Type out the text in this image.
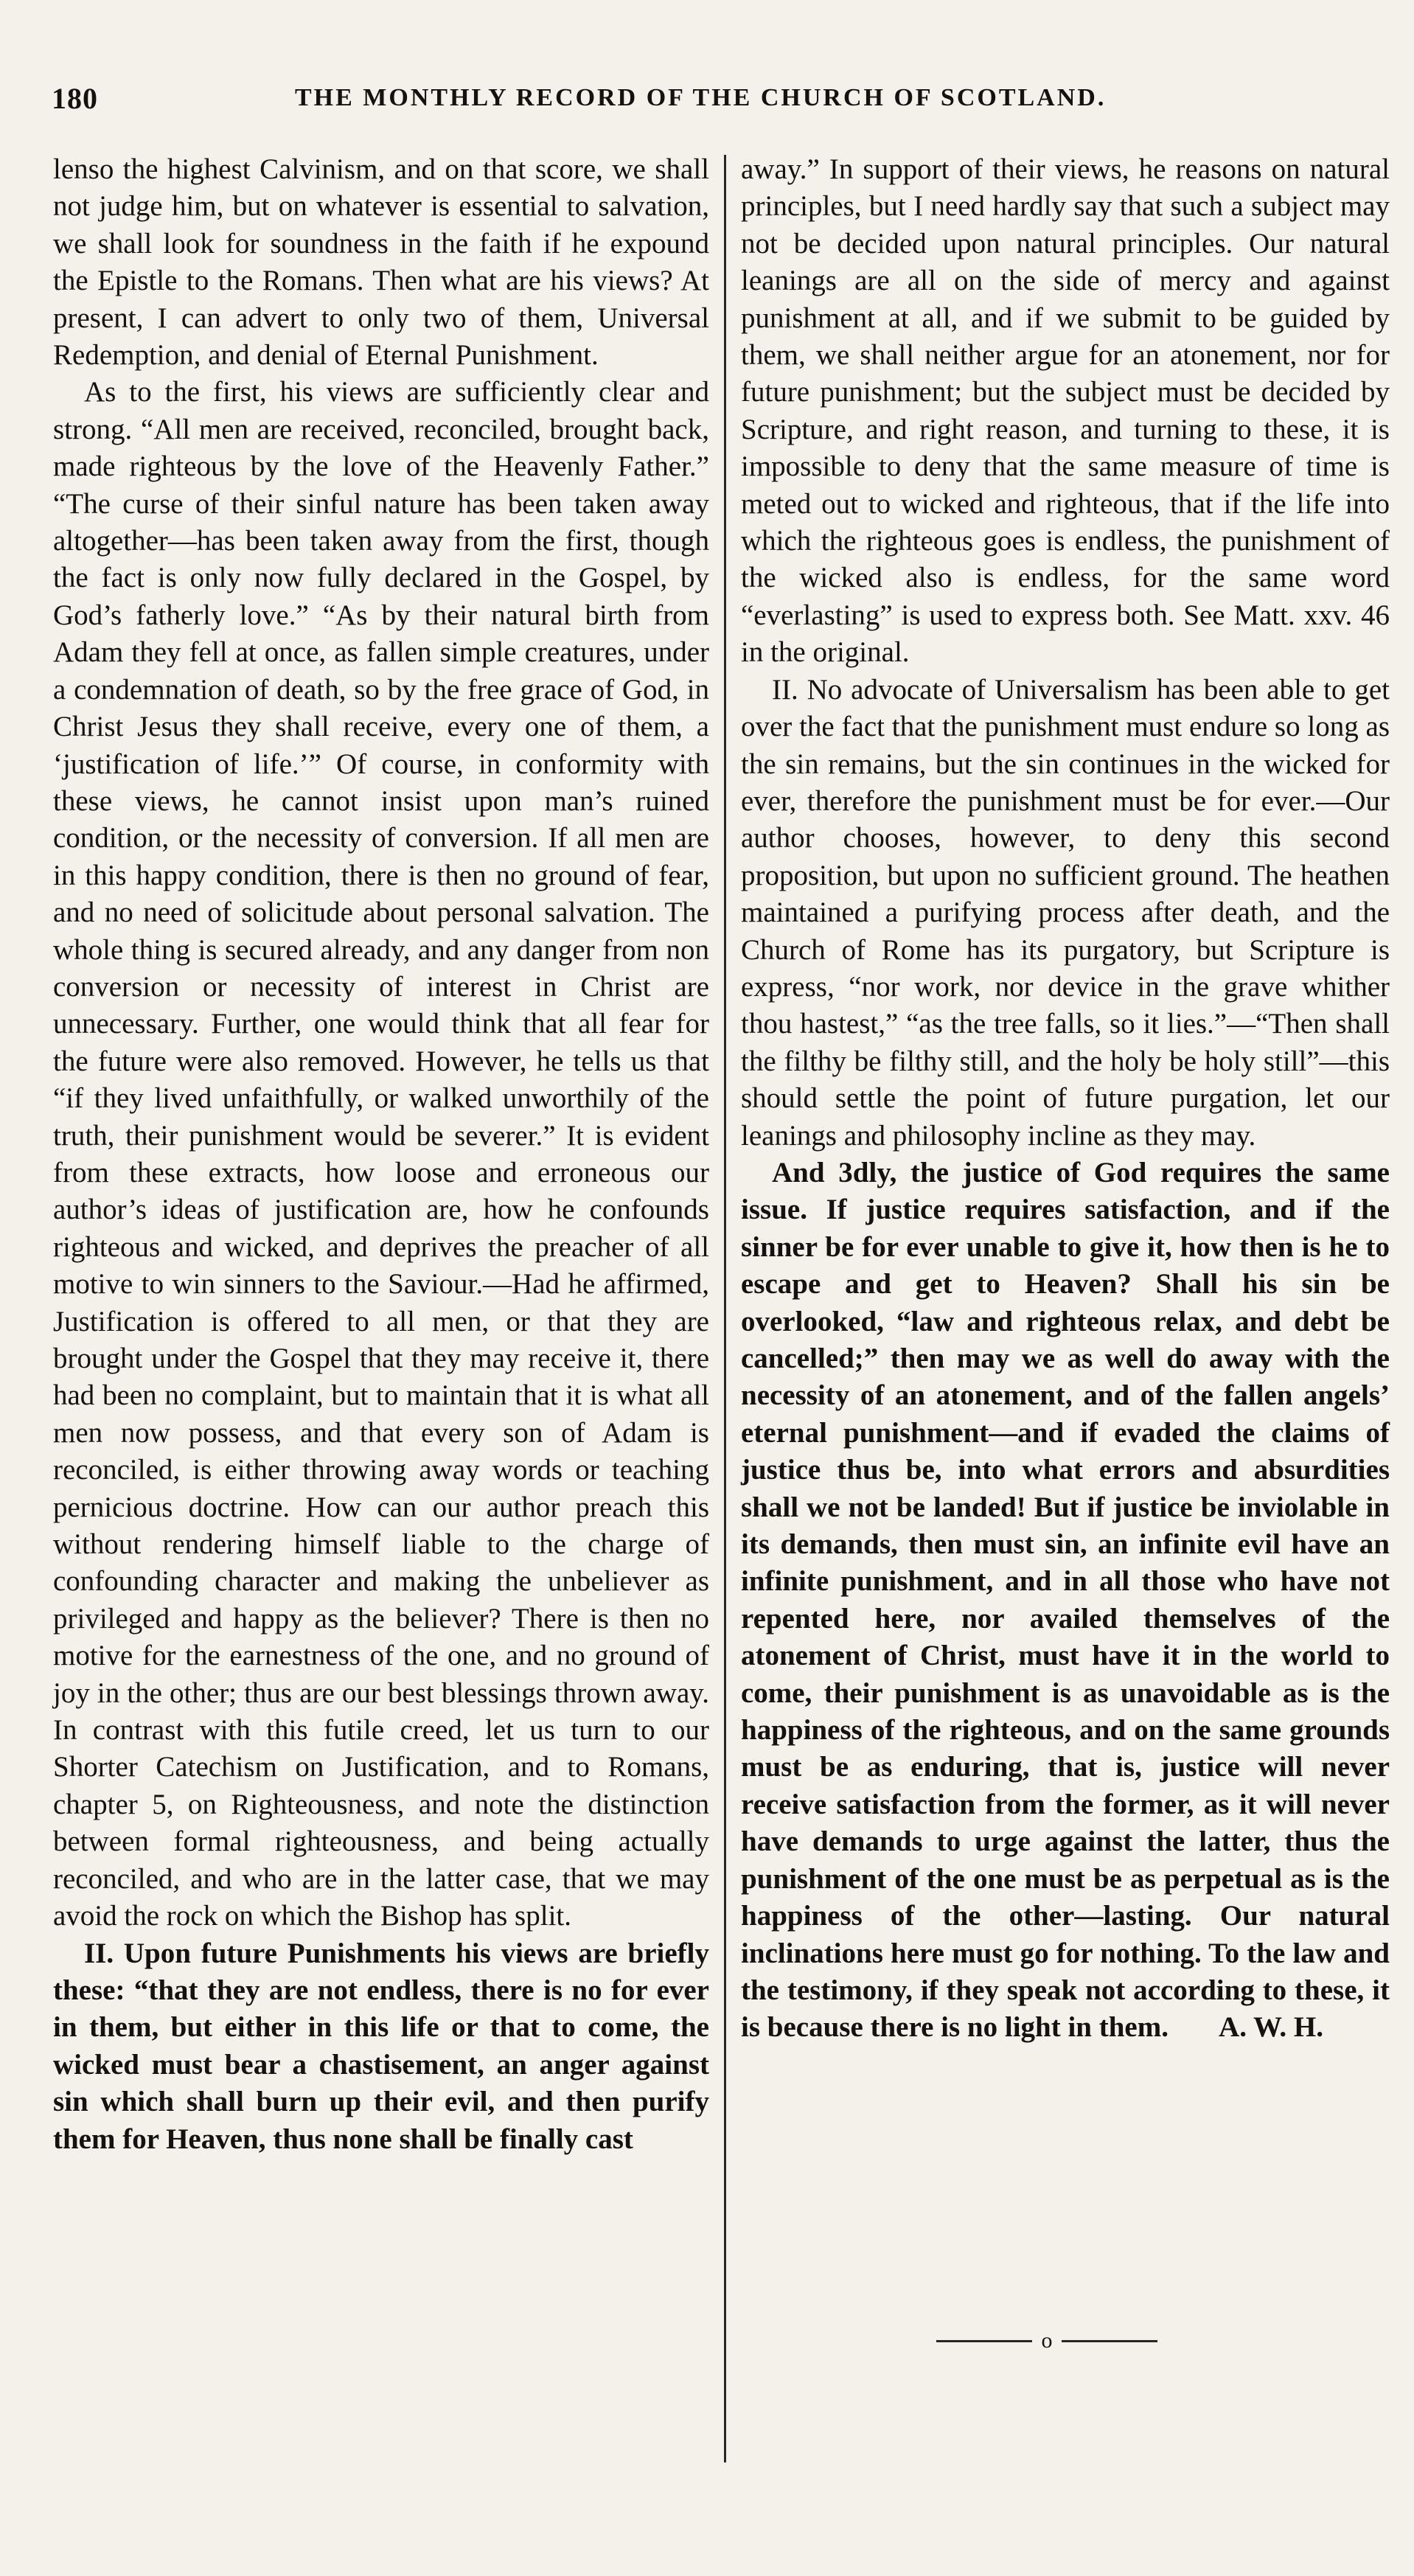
180	THE MONTHLY RECORD OF THE CHURCH OF SCOTLAND.

lenso the highest Calvinism, and on that score, we shall not judge him, but on whatever is essential to salvation, we shall look for soundness in the faith if he expound the Epistle to the Romans. Then what are his views? At present, I can advert to only two of them, Universal Redemption, and denial of Eternal Punishment.

As to the first, his views are sufficiently clear and strong. “All men are received, reconciled, brought back, made righteous by the love of the Heavenly Father.” “The curse of their sinful nature has been taken away altogether—has been taken away from the first, though the fact is only now fully declared in the Gospel, by God’s fatherly love.” “As by their natural birth from Adam they fell at once, as fallen simple creatures, under a condemnation of death, so by the free grace of God, in Christ Jesus they shall receive, every one of them, a ‘justification of life.’” Of course, in conformity with these views, he cannot insist upon man’s ruined condition, or the necessity of conversion. If all men are in this happy condition, there is then no ground of fear, and no need of solicitude about personal salvation. The whole thing is secured already, and any danger from non conversion or necessity of interest in Christ are unnecessary. Further, one would think that all fear for the future were also removed. However, he tells us that “if they lived unfaithfully, or walked unworthily of the truth, their punishment would be severer.” It is evident from these extracts, how loose and erroneous our author’s ideas of justification are, how he confounds righteous and wicked, and deprives the preacher of all motive to win sinners to the Saviour.—Had he affirmed, Justification is offered to all men, or that they are brought under the Gospel that they may receive it, there had been no complaint, but to maintain that it is what all men now possess, and that every son of Adam is reconciled, is either throwing away words or teaching pernicious doctrine. How can our author preach this without rendering himself liable to the charge of confounding character and making the unbeliever as privileged and happy as the believer? There is then no motive for the earnestness of the one, and no ground of joy in the other; thus are our best blessings thrown away. In contrast with this futile creed, let us turn to our Shorter Catechism on Justification, and to Romans, chapter 5, on Righteousness, and note the distinction between formal righteousness, and being actually reconciled, and who are in the latter case, that we may avoid the rock on which the Bishop has split.

II. Upon future Punishments his views are briefly these: “that they are not endless, there is no for ever in them, but either in this life or that to come, the wicked must bear a chastisement, an anger against sin which shall burn up their evil, and then purify them for Heaven, thus none shall be finally cast

away.” In support of their views, he reasons on natural principles, but I need hardly say that such a subject may not be decided upon natural principles. Our natural leanings are all on the side of mercy and against punishment at all, and if we submit to be guided by them, we shall neither argue for an atonement, nor for future punishment; but the subject must be decided by Scripture, and right reason, and turning to these, it is impossible to deny that the same measure of time is meted out to wicked and righteous, that if the life into which the righteous goes is endless, the punishment of the wicked also is endless, for the same word “everlasting” is used to express both. See Matt. xxv. 46 in the original.

II. No advocate of Universalism has been able to get over the fact that the punishment must endure so long as the sin remains, but the sin continues in the wicked for ever, therefore the punishment must be for ever.—Our author chooses, however, to deny this second proposition, but upon no sufficient ground. The heathen maintained a purifying process after death, and the Church of Rome has its purgatory, but Scripture is express, “nor work, nor device in the grave whither thou hastest,” “as the tree falls, so it lies.”—“Then shall the filthy be filthy still, and the holy be holy still”—this should settle the point of future purgation, let our leanings and philosophy incline as they may.

And 3dly, the justice of God requires the same issue. If justice requires satisfaction, and if the sinner be for ever unable to give it, how then is he to escape and get to Heaven? Shall his sin be overlooked, “law and righteous relax, and debt be cancelled;” then may we as well do away with the necessity of an atonement, and of the fallen angels’ eternal punishment—and if evaded the claims of justice thus be, into what errors and absurdities shall we not be landed! But if justice be inviolable in its demands, then must sin, an infinite evil have an infinite punishment, and in all those who have not repented here, nor availed themselves of the atonement of Christ, must have it in the world to come, their punishment is as unavoidable as is the happiness of the righteous, and on the same grounds must be as enduring, that is, justice will never receive satisfaction from the former, as it will never have demands to urge against the latter, thus the punishment of the one must be as perpetual as is the happiness of the other—lasting. Our natural inclinations here must go for nothing. To the law and the testimony, if they speak not according to these, it is because there is no light in them.	A. W. H.
o
